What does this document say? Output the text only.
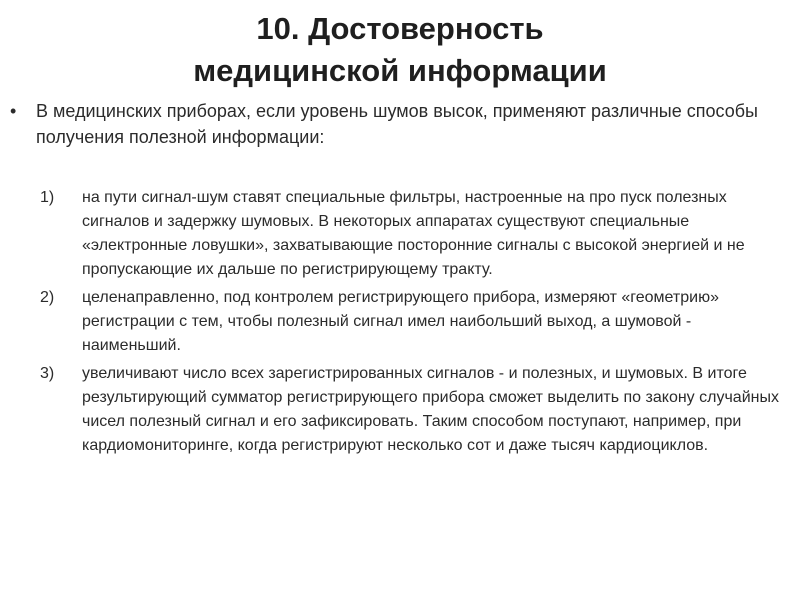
10. Достоверность
медицинской информации
•	В медицинских приборах, если уровень шумов высок, применяют различные способы получения полезной информации:
1)	на пути сигнал-шум ставят специальные фильтры, настроенные на про пуск полезных сигналов и задержку шумовых. В некоторых аппаратах существуют специальные «электронные ловушки», захватывающие посторонние сигналы с высокой энергией и не пропускающие их дальше по регистрирующему тракту.
2)	целенаправленно, под контролем регистрирующего прибора, измеряют «геометрию» регистрации с тем, чтобы полезный сигнал имел наибольший выход, а шумовой - наименьший.
3)	увеличивают число всех зарегистрированных сигналов - и полезных, и шумовых. В итоге результирующий сумматор регистрирующего прибора сможет выделить по закону случайных чисел полезный сигнал и его зафиксировать. Таким способом поступают, например, при кардиомониторинге, когда регистрируют несколько сот и даже тысяч кардиоциклов.
